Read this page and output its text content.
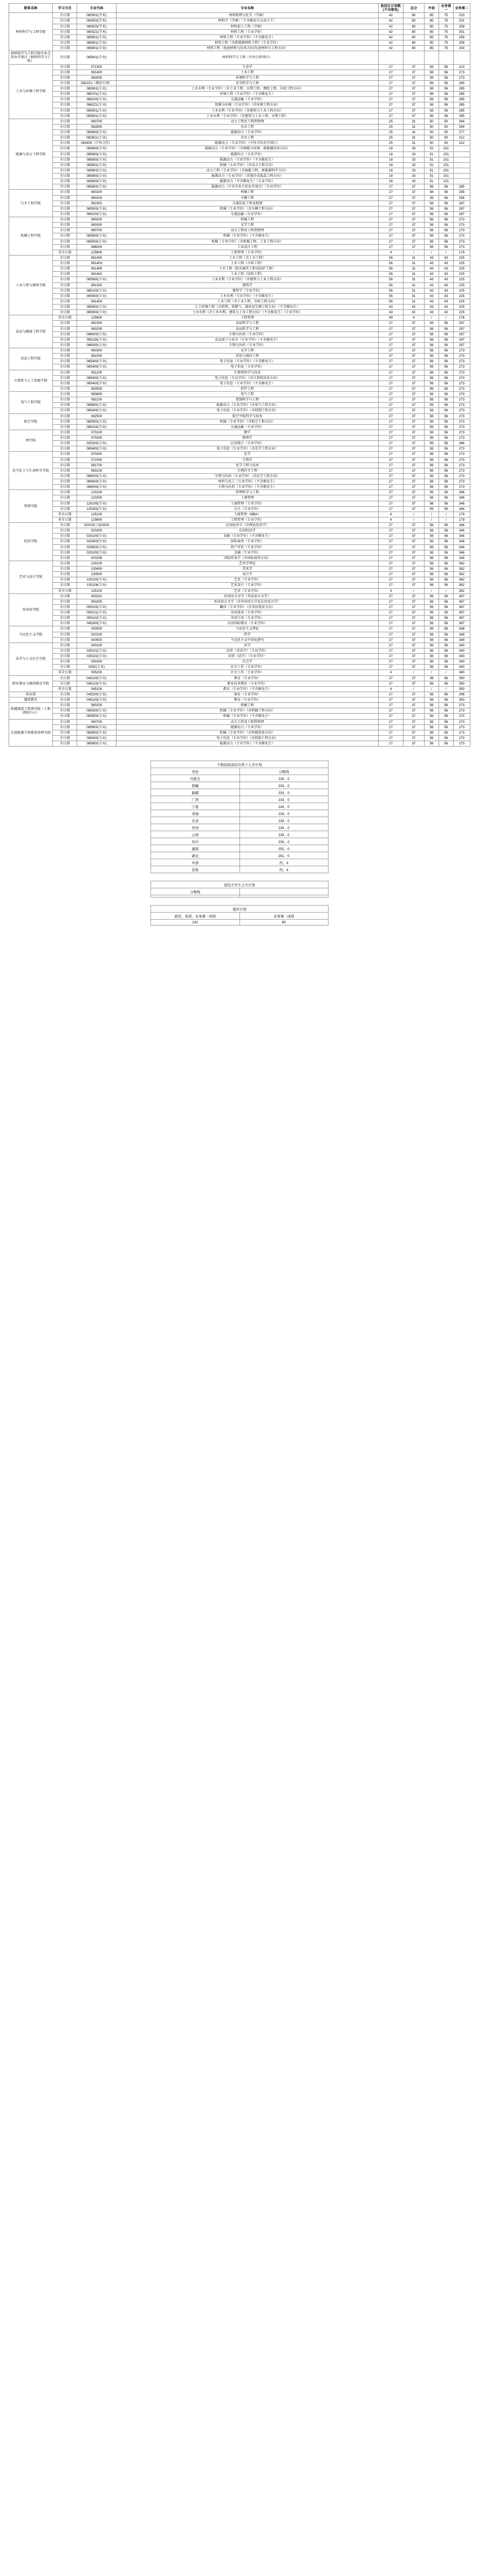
院系名称	学习方式	专业代码	专业名称	拟招生计划数(不含推免)	总分	外语	业务课一	业务课二
材料科学与工程学院	全日制	080501(学术)	材料物理与化学（学硕）	42	80	85	75	223
	全日制	080502(学术)	材料学（学硕）（不含推免生以及少干）	42	80	85	75	251
	全日制	080503(学术)	材料加工工程（学硕）	42	80	85	75	258
	全日制	0805Z1(学术)	材料工程（专业学位）	42	80	85	75	251
	全日制	085601(专业)	材料工程（专业学位）（不含推免生）	42	80	85	75	258
	全日制	085601(专业)	材料工程（含新能源材料工程）（专业学位）	42	80	85	75	258
	全日制	085601(专业)	材料工程（电池材料与技术方向/先进材料与工程方向）	42	80	85	75	254
材料科学与工程学院中外合作办学项目（材料科学与工程）	全日制	085601(专业)	材料科学与工程（中外合作项目）					
土木与环境工程学院	全日制	071300	生态学	27	37	56	56	313
	全日制	081400	土木工程	27	37	56	56	273
	全日制	083000	环境科学与工程	27	37	56	56	273
	全日制	0822Z3（增设专项）	安全科学与工程	27	37	56	56	285
	全日制	085901(专业)	土木水利（专业学位）（含土木工程、水利工程、测绘工程、市政工程方向）	27	37	56	56	285
	全日制	085701(专业)	环境工程（专业学位）（不含推免生）	27	37	56	56	285
	全日制	086100(专业)	交通运输（专业学位）	27	37	56	56	285
	全日制	0862Z1(专业)	资源与环境（专业学位）（含环境工程方向）	27	37	56	56	285
	全日制	085901(专业)	土木水利（专业学位）（含建筑与土木工程方向）	27	37	56	56	285
	全日制	085901(专业)	土木水利（专业学位）（含建筑与土木工程、水利工程）	27	37	56	56	285
能源与动力工程学院	全日制	080700	动力工程及工程热物理	25	31	50	50	264
	全日制	082800	农业工程	25	31	50	50	264
	全日制	085800(专业)	能源动力（专业学位）	25	31	50	50	277
	全日制	0828Z1(专业)	农业工程	25	31	50	50	312
	全日制	082405（中外合作）	能源动力（专业学位）（中外合作办学项目）	25	31	50	50	312
	全日制	085800(专业)	能源动力（专业学位）（含核能与环境、新能源技术方向）	18	33	51	151	
	全日制	085800(专业)	能源动力（专业学位）	18	33	51	151	
	全日制	085800(专业)	能源动力（专业学位）（不含推免生）	18	33	51	151	
	全日制	085801(专业)	机械（专业学位）（含动力工程方向）	18	33	51	151	
	全日制	085802(专业)	动力工程（专业学位）（含核能工程、新能源科学方向）	18	33	51	151	
	全日制	085800(专业)	能源动力（专业学位）（含制冷及低温工程方向）	18	33	51	151	
	全日制	085800(专业)	能源动力（不含推免生）（专业学位）	18	33	51	151	
	全日制	085800(专业)	能源动力（不含中外合作办学项目）（专业学位）	27	37	56	56	285
汽车工程学院	全日制	080200	机械工程	27	37	56	56	256
	全日制	080204	车辆工程	27	37	56	56	256
	全日制	082302	交通信息工程及控制	27	37	56	56	287
	全日制	085500(专业)	机械（专业学位）（含车辆工程方向）	27	37	56	56	287
	全日制	086100(专业)	交通运输（专业学位）	27	37	56	56	287
机械工程学院	全日制	080200	机械工程	27	37	56	56	273
	全日制	080300	光学工程	27	37	56	56	273
	全日制	080700	动力工程及工程热物理	27	37	56	56	273
	全日制	085500(专业)	机械（专业学位）（不含推免生）	27	37	56	56	273
	全日制	085500(专业)	机械（专业学位）（含机械工程、工业工程方向）	27	37	56	56	273
	全日制	088000	工业设计工程	27	37	56	56	273
	非全日制	125600	工程管理（专业学位）	4	/	/	/	179
土木工程与建筑学院	全日制	081400	土木工程（含土木工程）	56	31	43	43	225
	全日制	081403	土木工程（市政工程）	56	31	43	43	225
	全日制	081405	土木工程（防灾减灾工程及防护工程）	56	31	43	43	225
	全日制	081402	土木工程（结构工程）	56	31	43	43	225
	全日制	085900(专业)	土木水利（专业学位）（含建筑与土木工程方向）	56	31	43	43	225
	全日制	081300	建筑学	56	31	43	43	225
	全日制	085100(专业)	建筑学（专业学位）	56	31	43	43	225
	全日制	085900(专业)	土木水利（专业学位）（不含推免生）	56	31	43	43	225
	全日制	081403	土木工程（含土木工程、市政工程方向）	56	31	43	43	225
	全日制	085900(专业)	人工环境工程（含供热、供燃气、通风及空调工程方向）（不含推免生）	43	42	43	43	225
	全日制	085900(专业)	土木水利（含土木水利、建筑与土木工程方向）（不含推免生）（专业学位）	43	42	43	43	225
食品与健康工程学院	非全日制	125600	工程管理	49	4	/	/	176
	全日制	082300	食品科学与工程	27	37	56	56	297
	全日制	083200	食品科学与工程	27	37	56	56	297
	全日制	086000(专业)	生物与医药（专业学位）	27	37	56	56	297
	全日制	095135(专业)	食品加工与安全（专业学位）（不含推免生）	27	37	56	56	297
	全日制	086000(专业)	生物与医药（专业学位）	27	37	56	56	297
信息工程学院	全日制	080300	光学工程	27	37	56	56	273
	全日制	081000	信息与通信工程	27	37	56	56	273
	全日制	085400(专业)	电子信息（专业学位）（不含推免生）	27	37	56	56	273
	全日制	085400(专业)	电子信息（专业学位）	27	37	56	56	273
计算机与人工智能学院	全日制	081200	计算机科学与技术	27	37	56	56	273
	全日制	085400(专业)	电子信息（专业学位）（含计算机技术方向）	27	37	56	56	273
	全日制	085400(专业)	电子信息（专业学位）（不含推免生）	27	37	56	56	273
	全日制	083500	软件工程	27	37	56	56	273
电气工程学院	全日制	080800	电气工程	27	37	56	56	273
	全日制	081100	控制科学与工程	27	37	56	56	273
	全日制	085800(专业)	能源动力（专业学位）（含电气工程方向）	27	37	56	56	273
	全日制	085400(专业)	电子信息（专业学位）（含控制工程方向）	27	37	56	56	273
航空学院	全日制	082500	航空宇航科学与技术	27	37	56	56	273
	全日制	085500(专业)	机械（专业学位）（含航空工程方向）	27	37	56	56	273
	全日制	086100(专业)	交通运输（专业学位）	27	37	56	56	273
理学院	全日制	070100	数学	27	37	56	56	273
	全日制	070200	物理学	27	37	56	56	273
	全日制	025200(专业)	应用统计（专业学位）	27	37	56	56	346
	全日制	085400(专业)	电子信息（专业学位）（含光学工程方向）	27	37	56	56	273
化学化工与生命科学学院	全日制	070300	化学	27	37	56	56	273
	全日制	071000	生物学	27	37	56	56	273
	全日制	081700	化学工程与技术	27	37	56	56	273
	全日制	083100	生物医学工程	27	37	56	56	273
	全日制	086000(专业)	生物与医药（专业学位）（含化学工程方向）	27	37	56	56	273
	全日制	085600(专业)	材料与化工（专业学位）（不含推免生）	27	37	56	56	273
	全日制	086000(专业)	生物与医药（专业学位）（不含推免生）	27	37	56	56	273
管理学院	全日制	120100	管理科学与工程	27	37	56	56	346
	全日制	120200	工商管理	27	37	56	56	346
	全日制	125100(专业)	工商管理（专业学位）	27	37	56	56	346
	全日制	125300(专业)	会计（专业学位）	27	37	56	56	346
	非全日制	125100	工商管理（MBA）	4	/	/	/	179
	非全日制	125600	工程管理（专业学位）	4	/	/	/	179
经济学院	全日制	020100 / 020200	应用经济学（含理论经济学）	27	37	56	56	346
	全日制	020200	应用经济学	27	37	56	56	346
	全日制	025100(专业)	金融（专业学位）（不含推免生）	27	37	56	56	346
	全日制	025400(专业)	国际商务（专业学位）	27	37	56	56	346
	全日制	025600(专业)	资产评估（专业学位）	27	37	56	56	346
	全日制	025100(专业)	金融（专业学位）	27	37	56	56	346
	全日制	020206	国际贸易学（含国际商务方向）	27	37	56	56	346
艺术与设计学院	全日制	130100	艺术学理论	27	37	56	56	362
	全日制	130400	美术学	27	37	56	56	362
	全日制	130500	设计学	27	37	56	56	362
	全日制	135100(专业)	艺术（专业学位）	27	37	56	56	362
	全日制	135108(专业)	艺术设计（专业学位）	27	37	56	56	362
	非全日制	135100	艺术（专业学位）	4	/	/	/	362
外国语学院	全日制	050201	外国语言文学（英语语言文学）	27	37	56	56	367
	全日制	050200	外国语言文学（含外国语言学及应用语言学）	27	37	56	56	367
	全日制	055100(专业)	翻译（专业学位）（含英语笔译方向）	27	37	56	56	367
	全日制	055101(专业)	英语笔译（专业学位）	27	37	56	56	367
	全日制	055102(专业)	英语口译（专业学位）	27	37	56	56	367
	全日制	045300(专业)	汉语国际教育（专业学位）	27	37	56	56	367
马克思主义学院	全日制	030500	马克思主义理论	27	37	56	56	348
	全日制	010100	哲学	27	37	56	56	348
	全日制	030503	马克思主义中国化研究	27	37	56	56	348
法学与人文社会学院	全日制	030100	法学	27	37	56	56	340
	全日制	035101(专业)	法律（非法学）（专业学位）	27	37	56	56	340
	全日制	035102(专业)	法律（法学）（专业学位）	27	37	56	56	340
	全日制	030300	社会学	27	37	56	56	340
	全日制	0352(专业)	社会工作（专业学位）	27	37	56	56	340
	非全日制	035200	社会工作（专业学位）	4	/	/	/	340
职业教育与继续教育学院	全日制	045100(专业)	教育（专业学位）	27	37	56	56	350
	全日制	045120(专业)	职业技术教育（专业学位）	27	37	56	56	350
	非全日制	045100	教育（专业学位）（不含推免生）	4	/	/	/	350
体育部	全日制	045200(专业)	体育（专业学位）	27	37	56	56	296
继续教育	全日制	045100(专业)	教育（专业学位）	27	37	56	56	350
机械制造工程研究院（工程训练中心）	全日制	080200	机械工程	27	37	56	56	273
	全日制	085500(专业)	机械（专业学位）（含机械工程方向）	27	37	56	56	273
	全日制	085500(专业)	机械（专业学位）（不含推免生）	27	37	56	56	273
先进能源与智能装备研究院	全日制	080700	动力工程及工程热物理	27	37	56	56	273
	全日制	085800(专业)	能源动力（专业学位）	27	37	56	56	273
	全日制	085500(专业)	机械（专业学位）（含智能装备方向）	27	37	56	56	273
	全日制	085400(专业)	电子信息（专业学位）（含控制工程方向）	27	37	56	56	273
	全日制	085800(专业)	能源动力（专业学位）（不含推免生）	27	37	56	56	273
少数民族高层次骨干人才计划	
省份	分数线
内蒙古	233、0
西藏	233、0
新疆	233、0
广西	233、0
宁夏	233、0
青海	233、0
甘肃	233、0
贵州	233、0
云南	233、0
四川	233、0
湖南	251、0
湖北	251、0
中部	约、4
其他	约、4
退役大学生士兵计划	
分数线	

强军计划	
政治、英语、业务课一成绩	业务课二成绩
232	80
